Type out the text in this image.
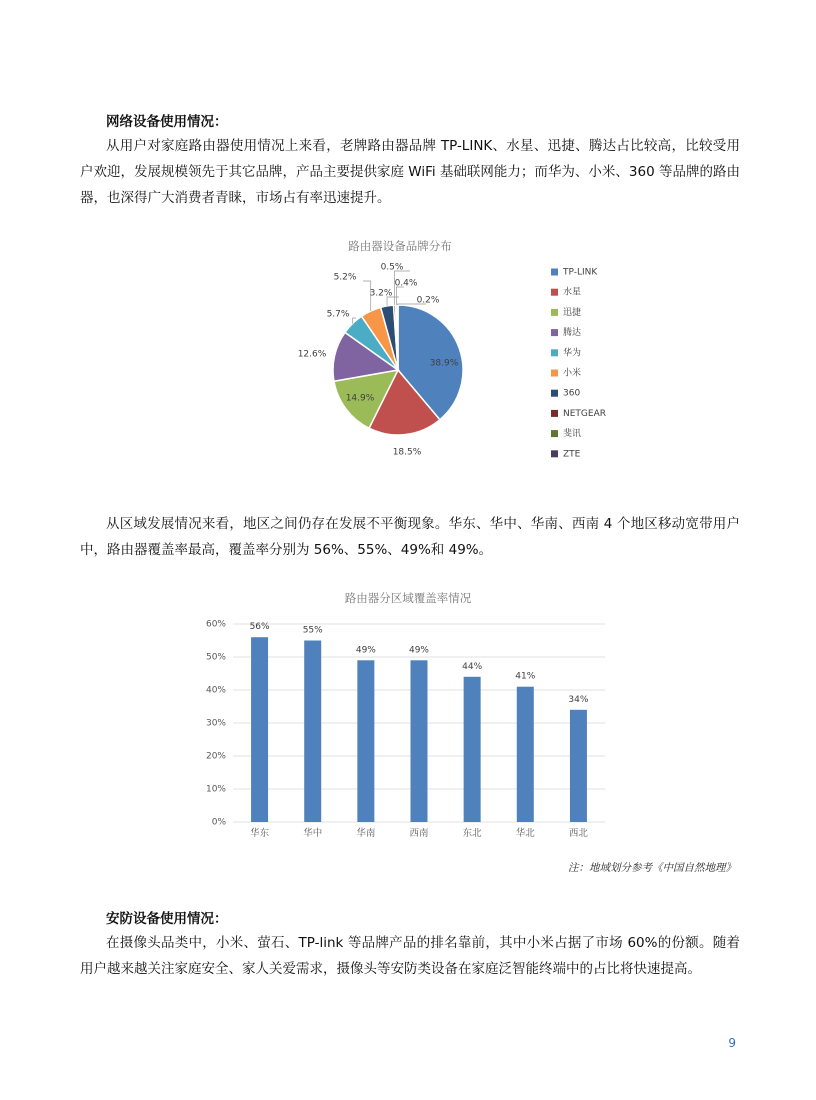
网络设备使用情况：
从用户对家庭路由器使用情况上来看，老牌路由器品牌 TP-LINK、水星、迅捷、腾达占比较高，比较受用户欢迎，发展规模领先于其它品牌，产品主要提供家庭 WiFi 基础联网能力；而华为、小米、360 等品牌的路由器，也深得广大消费者青睐，市场占有率迅速提升。
路由器设备品牌分布
38.9%
18.5%
14.9%
12.6%
5.7%
5.2%
3.2%
0.5%
0.4%
0.2%
TP-LINK
水星
迅捷
腾达
华为
小米
360
NETGEAR
斐讯
ZTE
从区域发展情况来看，地区之间仍存在发展不平衡现象。华东、华中、华南、西南 4 个地区移动宽带用户中，路由器覆盖率最高，覆盖率分别为 56%、55%、49%和 49%。
路由器分区域覆盖率情况
0%
10%
20%
30%
40%
50%
60%	56%
华东
55%
华中
49%
华南
49%
西南
44%
东北
41%
华北
34%
西北
注：地域划分参考《中国自然地理》
安防设备使用情况：
在摄像头品类中，小米、萤石、TP-link 等品牌产品的排名靠前，其中小米占据了市场 60%的份额。随着用户越来越关注家庭安全、家人关爱需求，摄像头等安防类设备在家庭泛智能终端中的占比将快速提高。
9
